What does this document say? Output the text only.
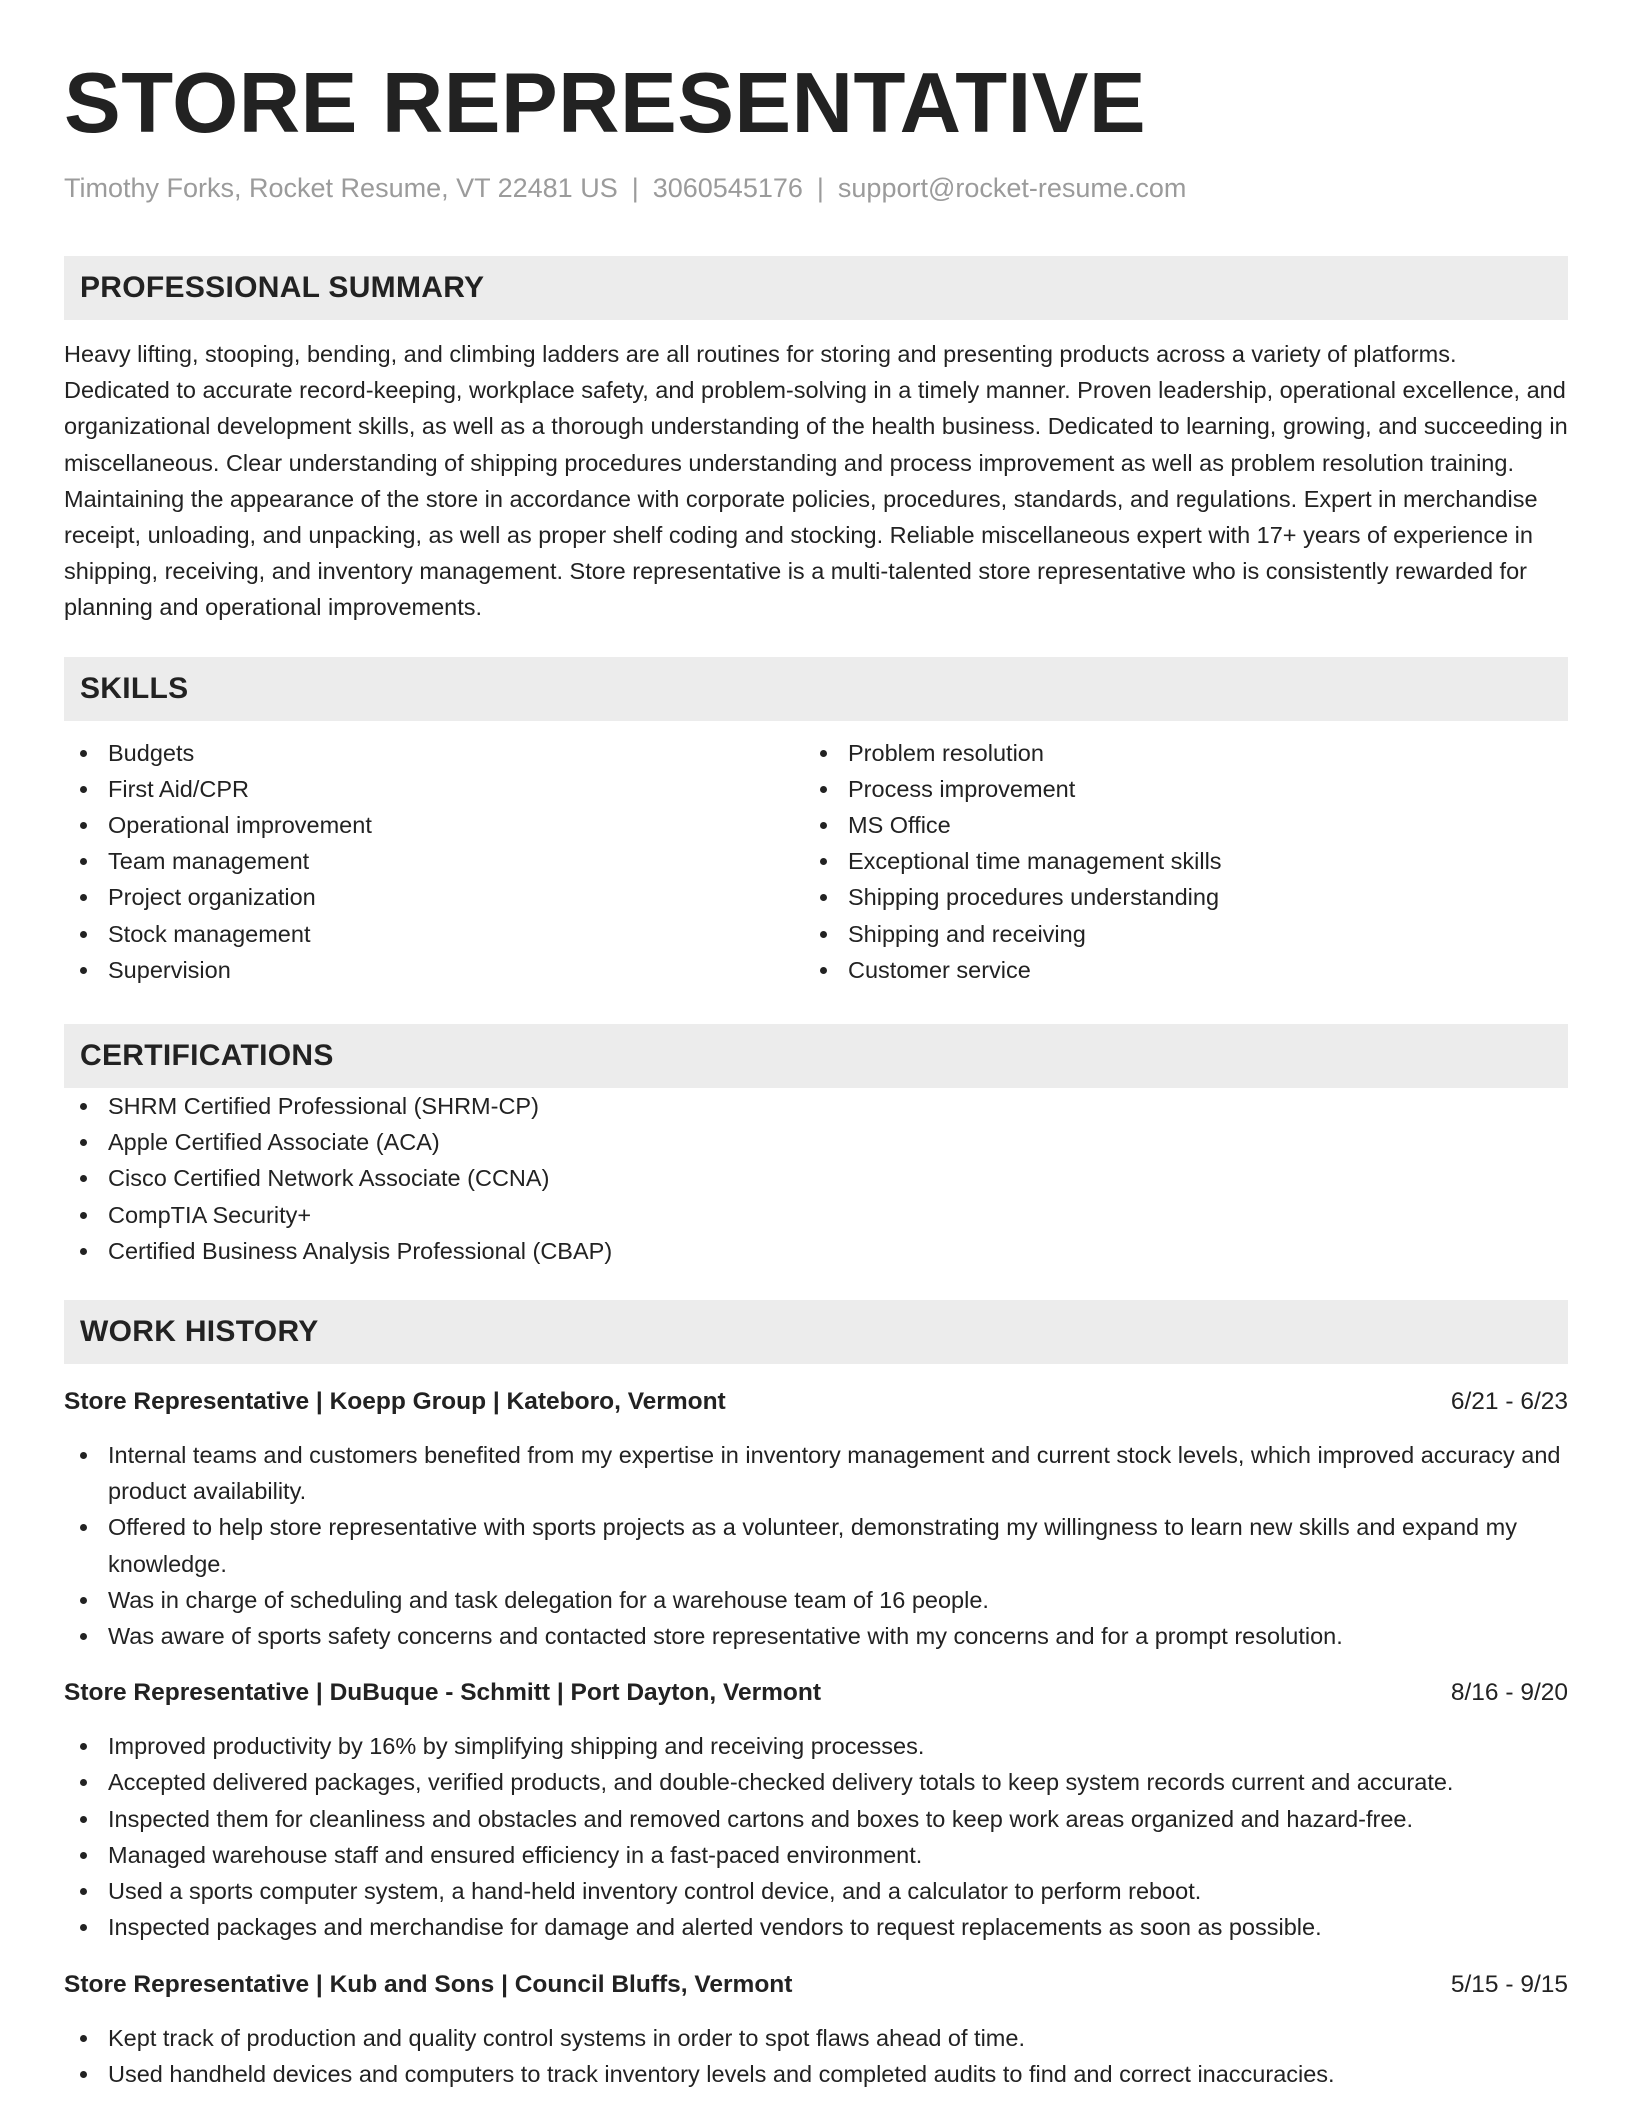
STORE REPRESENTATIVE
Timothy Forks, Rocket Resume, VT 22481 US | 3060545176 | support@rocket-resume.com
PROFESSIONAL SUMMARY

Heavy lifting, stooping, bending, and climbing ladders are all routines for storing and presenting products across a variety of platforms. Dedicated to accurate record-keeping, workplace safety, and problem-solving in a timely manner. Proven leadership, operational excellence, and organizational development skills, as well as a thorough understanding of the health business. Dedicated to learning, growing, and succeeding in miscellaneous. Clear understanding of shipping procedures understanding and process improvement as well as problem resolution training. Maintaining the appearance of the store in accordance with corporate policies, procedures, standards, and regulations. Expert in merchandise receipt, unloading, and unpacking, as well as proper shelf coding and stocking. Reliable miscellaneous expert with 17+ years of experience in shipping, receiving, and inventory management. Store representative is a multi-talented store representative who is consistently rewarded for planning and operational improvements.

SKILLS
Budgets
First Aid/CPR
Operational improvement
Team management
Project organization
Stock management
Supervision
Problem resolution
Process improvement
MS Office
Exceptional time management skills
Shipping procedures understanding
Shipping and receiving
Customer service
CERTIFICATIONS
SHRM Certified Professional (SHRM-CP)
Apple Certified Associate (ACA)
Cisco Certified Network Associate (CCNA)
CompTIA Security+
Certified Business Analysis Professional (CBAP)
WORK HISTORY
Store Representative | Koepp Group | Kateboro, Vermont	6/21 - 6/23
Internal teams and customers benefited from my expertise in inventory management and current stock levels, which improved accuracy and product availability.
Offered to help store representative with sports projects as a volunteer, demonstrating my willingness to learn new skills and expand my knowledge.
Was in charge of scheduling and task delegation for a warehouse team of 16 people.
Was aware of sports safety concerns and contacted store representative with my concerns and for a prompt resolution.
Store Representative | DuBuque - Schmitt | Port Dayton, Vermont	8/16 - 9/20
Improved productivity by 16% by simplifying shipping and receiving processes.
Accepted delivered packages, verified products, and double-checked delivery totals to keep system records current and accurate.
Inspected them for cleanliness and obstacles and removed cartons and boxes to keep work areas organized and hazard-free.
Managed warehouse staff and ensured efficiency in a fast-paced environment.
Used a sports computer system, a hand-held inventory control device, and a calculator to perform reboot.
Inspected packages and merchandise for damage and alerted vendors to request replacements as soon as possible.
Store Representative | Kub and Sons | Council Bluffs, Vermont	5/15 - 9/15
Kept track of production and quality control systems in order to spot flaws ahead of time.
Used handheld devices and computers to track inventory levels and completed audits to find and correct inaccuracies.
